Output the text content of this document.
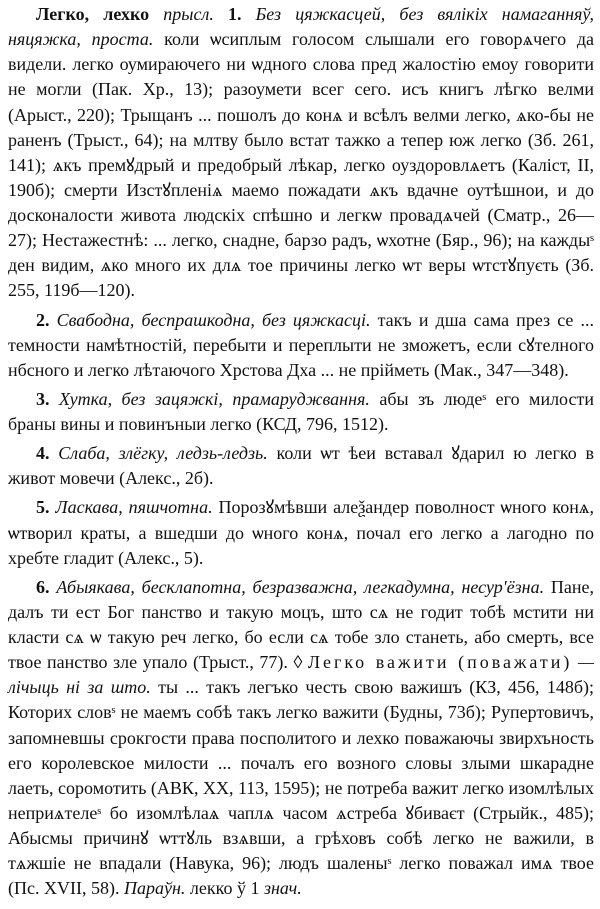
Легко, лехко прысл. 1. Без цяжкасцей, без вялікіх намаганняў, няцяжка, проста. коли ѡсиплым голосом слышали его говорѧчего да видели. легко оумираючего ни ѡдного слова пред жалостію емоу говорити не могли (Пак. Хр., 13); разоумети всег сего. исъ книгъ лѣгко велми (Арыст., 220); Трыщанъ ... пошолъ до конѧ и всѣлъ велми легко, ѧко-бы не раненъ (Трыст., 64); на млтву было встат тажко а тепер юж легко (Зб. 261, 141); ѧкъ премꙋдрый и предобрый лѣкар, легко оуздоровлѧетъ (Каліст, II, 190б); смерти Изстꙋпленіѧ маемо пожадати ѧкъ вдачне оутѣшнои, и до досконалости живота людскіх спѣшно и легкѡ провадѧчей (Сматр., 26—27); Нестажестнѣ: ... легко, снадне, барзо радъ, ѡхотне (Бяр., 96); на каждыˢ ден видим, ѧко много их длѧ тое причины легко ѡт веры ѡтстꙋпуєть (Зб. 255, 119б—120).

2. Свабодна, беспрашкодна, без цяжкасці. такъ и дша сама през се ... темности намѣтностій, перебыти и переплыти не зможетъ, если сꙋтелного нбсного и легко лѣтаючого Хрстова Дха ... не прійметь (Мак., 347—348).

3. Хутка, без зацяжкі, прамаруджвання. абы зъ людеˢ его милости браны вины и повинъныи легко (КСД, 796, 1512).

4. Слаба, злёгку, ледзь-ледзь. коли ѡт ѣеи вставал ꙋдарил ю легко в живот мовечи (Алекс., 2б).

5. Ласкава, пяшчотна. Порозꙋмѣвши алеѯандер поволност ѡного конѧ, ѡтворил краты, а вшедши до ѡного конѧ, почал его легко а лагодно по хребте гладит (Алекс., 5).

6. Абыякава, бесклапотна, безразважна, легкадумна, несур'ёзна. Пане, далъ ти ест Бог панство и такую моцъ, што сѧ не годит тобѣ мстити ни класти сѧ ѡ такую реч легко, бо если сѧ тобе зло станеть, або смерть, все твое панство зле упало (Трыст., 77). ◊ Легко важити (поважати) — лічыць ні за што. ты ... такъ легъко честь свою важишъ (КЗ, 456, 148б); Которих словˢ не маемъ собѣ такъ легко важити (Будны, 73б); Рупертовичъ, запомневшы срокгости права посполитого и лехко поважаючы звирхъность его королевское милости ... почалъ его возного словы злыми шкарадне лаеть, соромотить (АВК, XX, 113, 1595); не потреба важит легко изомлѣлых неприѧтелеˢ бо изомлѣлаѧ чаплѧ часом ѧстреба ꙋбиваєт (Стрыйк., 485); Абысмы причинꙋ ѡттꙋль взѧвши, а грѣховъ собѣ легко не важили, в тѧжшіе не впадали (Навука, 96); людъ шаленыˢ легко поважал имѧ твое (Пс. XVII, 58). Параўн. лекко ў 1 знач.
